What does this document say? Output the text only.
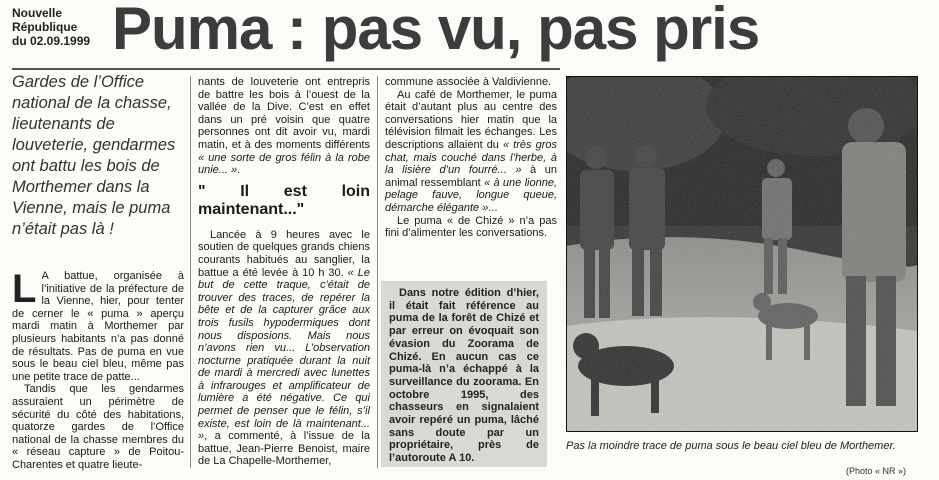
Nouvelle
République
du 02.09.1999 Puma : pas vu, pas pris
Gardes de l’Office national de la chasse, lieutenants de louveterie, gendarmes ont battu les bois de Morthemer dans la Vienne, mais le puma n’était pas là !
L A battue, organisée à l’initiative de la préfecture de la Vienne, hier, pour tenter de cerner le « puma » aperçu mardi matin à Morthemer par plusieurs habitants n’a pas donné de résultats. Pas de puma en vue sous le beau ciel bleu, même pas une petite trace de patte...

Tandis que les gendarmes assuraient un périmètre de sécurité du côté des habitations, quatorze gardes de l’Office national de la chasse membres du « réseau capture » de Poitou-Charentes et quatre lieute-

nants de louveterie ont entrepris de battre les bois à l’ouest de la vallée de la Dive. C’est en effet dans un pré voisin que quatre personnes ont dit avoir vu, mardi matin, et à des moments différents « une sorte de gros félin à la robe unie... ».

" Il est loin maintenant..."

Lancée à 9 heures avec le soutien de quelques grands chiens courants habitués au sanglier, la battue a été levée à 10 h 30. « Le but de cette traque, c’était de trouver des traces, de repérer la bête et de la capturer grâce aux trois fusils hypodermiques dont nous disposions. Mais nous n’avons rien vu... L’observation nocturne pratiquée durant la nuit de mardi à mercredi avec lunettes à infrarouges et amplificateur de lumière a été négative. Ce qui permet de penser que le félin, s’il existe, est loin de là maintenant... », a commenté, à l’issue de la battue, Jean-Pierre Benoist, maire de La Chapelle-Morthemer,

commune associée à Valdivienne.

Au café de Morthemer, le puma était d’autant plus au centre des conversations hier matin que la télévision filmait les échanges. Les descriptions allaient du « très gros chat, mais couché dans l’herbe, à la lisière d’un fourré... » à un animal ressemblant « à une lionne, pelage fauve, longue queue, démarche élégante »...

Le puma « de Chizé » n’a pas fini d’alimenter les conversations.

Dans notre édition d’hier, il était fait référence au puma de la forêt de Chizé et par erreur on évoquait son évasion du Zoorama de Chizé. En aucun cas ce puma-là n’a échappé à la surveillance du zoorama. En octobre 1995, des chasseurs en signalaient avoir repéré un puma, lâché sans doute par un propriétaire, près de l’autoroute A 10.

Pas la moindre trace de puma sous le beau ciel bleu de Morthemer.
(Photo « NR »)
